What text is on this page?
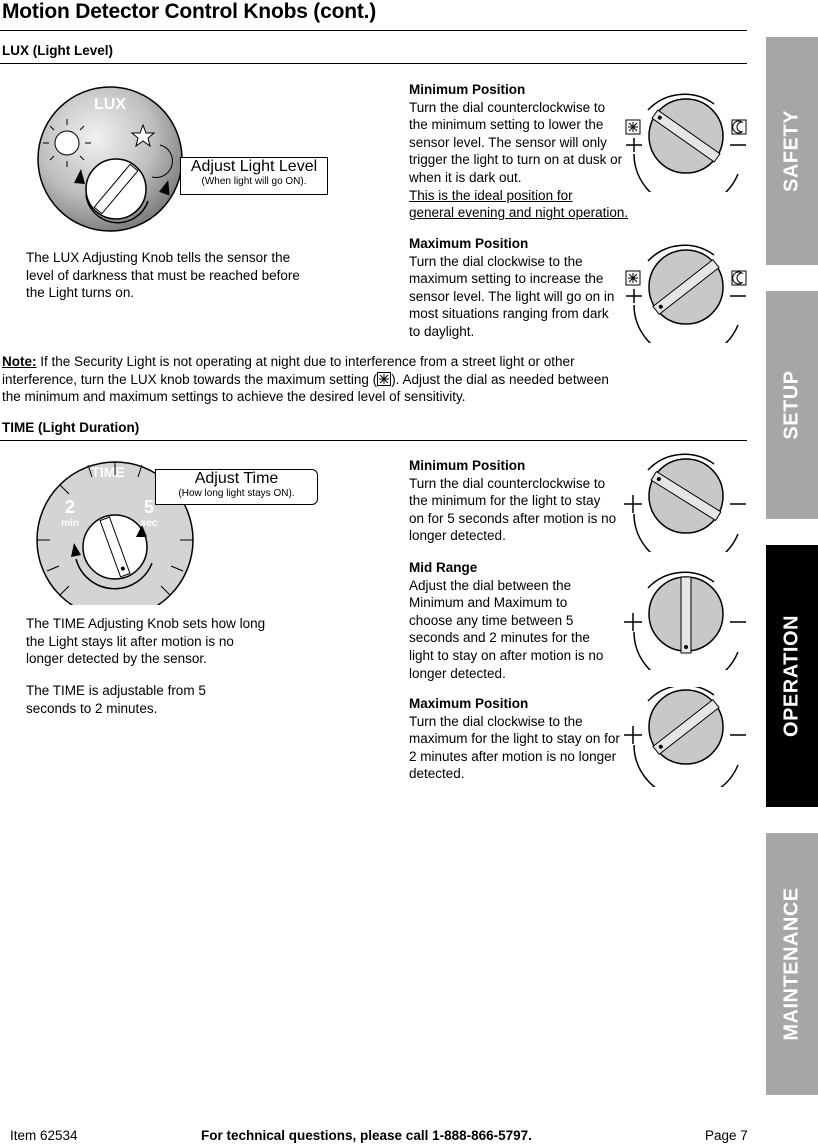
Motion Detector Control Knobs (cont.)
LUX (Light Level)
LUX
Adjust Light Level
(When light will go ON).
The LUX Adjusting Knob tells the sensor the level of darkness that must be reached before the Light turns on.
Minimum Position
Turn the dial counterclockwise to the minimum setting to lower the sensor level. The sensor will only trigger the light to turn on at dusk or when it is dark out.
This is the ideal position for
general evening and night operation.
Maximum Position
Turn the dial clockwise to the maximum setting to increase the sensor level. The light will go on in most situations ranging from dark to daylight.
Note: If the Security Light is not operating at night due to interference from a street light or other interference, turn the LUX knob towards the maximum setting ( ). Adjust the dial as needed between the minimum and maximum settings to achieve the desired level of sensitivity.
TIME (Light Duration)
TIME
2
min
5
sec
Adjust Time
(How long light stays ON).
The TIME Adjusting Knob sets how long the Light stays lit after motion is no longer detected by the sensor.
The TIME is adjustable from 5 seconds to 2 minutes.
Minimum Position
Turn the dial counterclockwise to the minimum for the light to stay on for 5 seconds after motion is no longer detected.
Mid Range
Adjust the dial between the Minimum and Maximum to choose any time between 5 seconds and 2 minutes for the light to stay on after motion is no longer detected.
Maximum Position
Turn the dial clockwise to the maximum for the light to stay on for 2 minutes after motion is no longer detected.
SAFETY
SETUP
OPERATION
MAINTENANCE
Item 62534	For technical questions, please call 1-888-866-5797.	Page 7
